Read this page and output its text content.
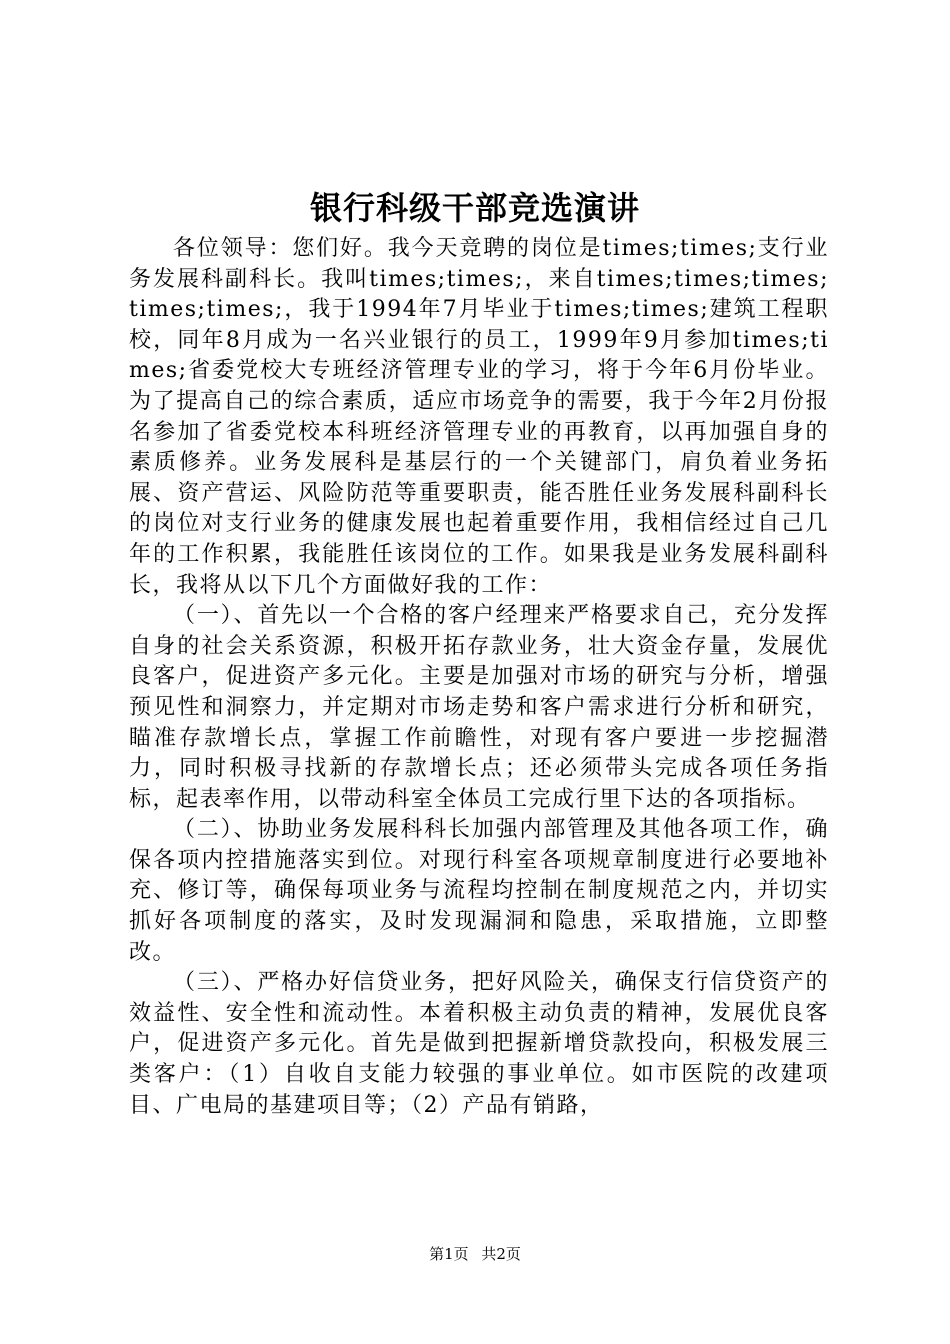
银行科级干部竞选演讲

各位领导：您们好。我今天竞聘的岗位是times;times;支行业务发展科副科长。我叫times;times;，来自times;times;times;times;times;，我于1994年7月毕业于times;times;建筑工程职校，同年8月成为一名兴业银行的员工，1999年9月参加times;times;省委党校大专班经济管理专业的学习，将于今年6月份毕业。为了提高自己的综合素质，适应市场竞争的需要，我于今年2月份报名参加了省委党校本科班经济管理专业的再教育，以再加强自身的素质修养。业务发展科是基层行的一个关键部门，肩负着业务拓展、资产营运、风险防范等重要职责，能否胜任业务发展科副科长的岗位对支行业务的健康发展也起着重要作用，我相信经过自己几年的工作积累，我能胜任该岗位的工作。如果我是业务发展科副科长，我将从以下几个方面做好我的工作：

（一）、首先以一个合格的客户经理来严格要求自己，充分发挥自身的社会关系资源，积极开拓存款业务，壮大资金存量，发展优良客户，促进资产多元化。主要是加强对市场的研究与分析，增强预见性和洞察力，并定期对市场走势和客户需求进行分析和研究，瞄准存款增长点，掌握工作前瞻性，对现有客户要进一步挖掘潜力，同时积极寻找新的存款增长点；还必须带头完成各项任务指标，起表率作用，以带动科室全体员工完成行里下达的各项指标。

（二）、协助业务发展科科长加强内部管理及其他各项工作，确保各项内控措施落实到位。对现行科室各项规章制度进行必要地补充、修订等，确保每项业务与流程均控制在制度规范之内，并切实抓好各项制度的落实，及时发现漏洞和隐患，采取措施，立即整改。

（三）、严格办好信贷业务，把好风险关，确保支行信贷资产的效益性、安全性和流动性。本着积极主动负责的精神，发展优良客户，促进资产多元化。首先是做到把握新增贷款投向，积极发展三类客户：（1）自收自支能力较强的事业单位。如市医院的改建项目、广电局的基建项目等；（2）产品有销路，

第1页 共2页
